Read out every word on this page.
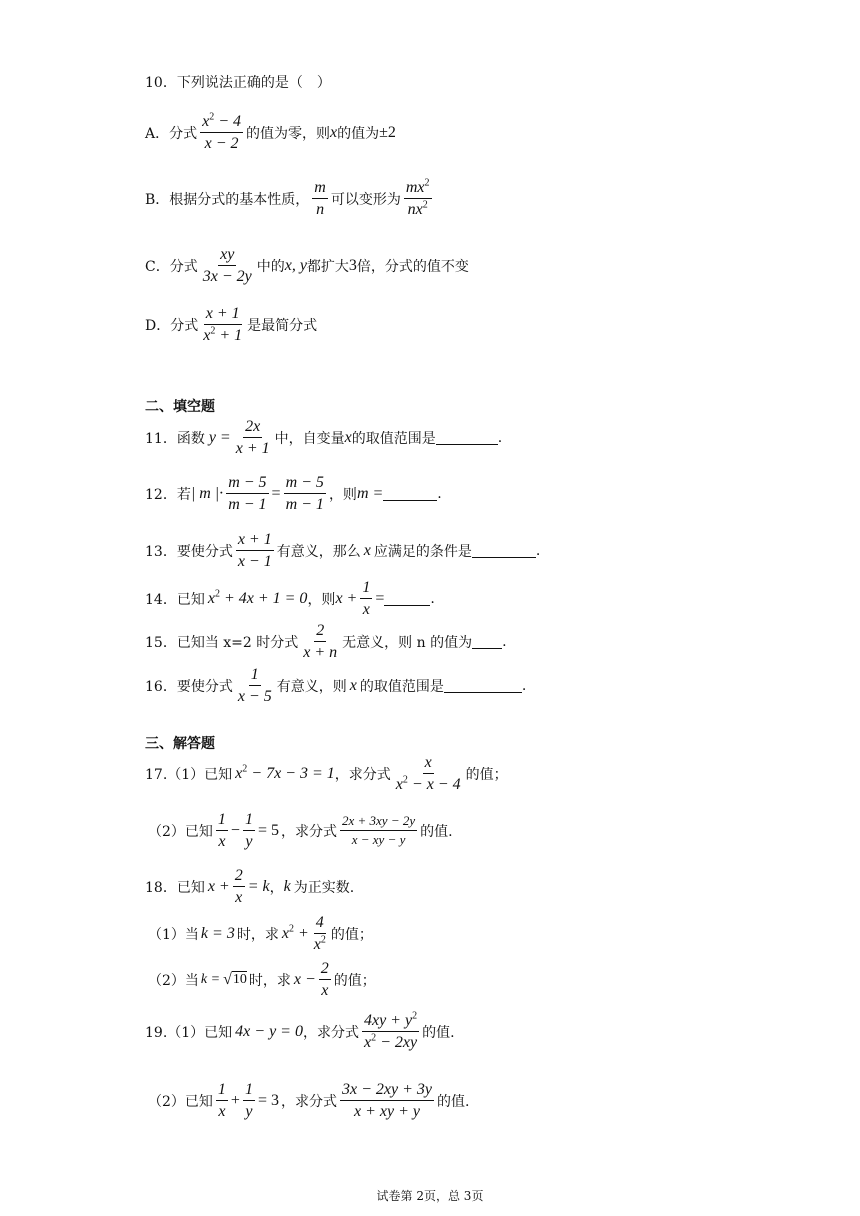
10．下列说法正确的是（　）
A．分式 $\frac{x^2 - 4}{x - 2}$ 的值为零，则 x 的值为 ±2
B．根据分式的基本性质， $\frac{m}{n}$ 可以变形为 $\frac{mx^2}{nx^2}$
C．分式 $\frac{xy}{3x - 2y}$ 中的 x, y 都扩大 3 倍，分式的值不变
D．分式 $\frac{x + 1}{x^2 + 1}$ 是最简分式
二、填空题
11．函数 $y = \frac{2x}{x + 1}$ 中，自变量 x 的取值范围是	.
12．若 | m |· $\frac{m - 5}{m - 1} = \frac{m - 5}{m - 1}$ ，则 m =	.
13．要使分式 $\frac{x + 1}{x - 1}$ 有意义，那么 x 应满足的条件是	.
14．已知 $x^2 + 4x + 1 = 0$ ，则 $x + \frac{1}{x}$ =	.
15．已知当 x=2 时分式 $\frac{2}{x + n}$ 无意义，则 n 的值为 .
16．要使分式 $\frac{1}{x - 5}$ 有意义，则 x 的取值范围是	.
三、解答题
17.（1）已知 $x^2 - 7x - 3 = 1$ ，求分式 $\frac{x}{x^2 - x - 4}$ 的值；
（2）已知 $\frac{1}{x} - \frac{1}{y} = 5$ ，求分式 $\frac{2x + 3xy - 2y}{x - xy - y}$ 的值.
18．已知 $x + \frac{2}{x} = k$ ， k 为正实数.
（1）当 k = 3 时，求 $x^2 + \frac{4}{x^2}$ 的值；
（2）当 k = √ 10 时，求 $x - \frac{2}{x}$ 的值；
19.（1）已知 4x − y = 0 ，求分式 $\frac{4xy + y^2}{x^2 - 2xy}$ 的值.
（2）已知 $\frac{1}{x} + \frac{1}{y} = 3$ ，求分式 $\frac{3x - 2xy + 3y}{x + xy + y}$ 的值.
试卷第 2页，总 3页
